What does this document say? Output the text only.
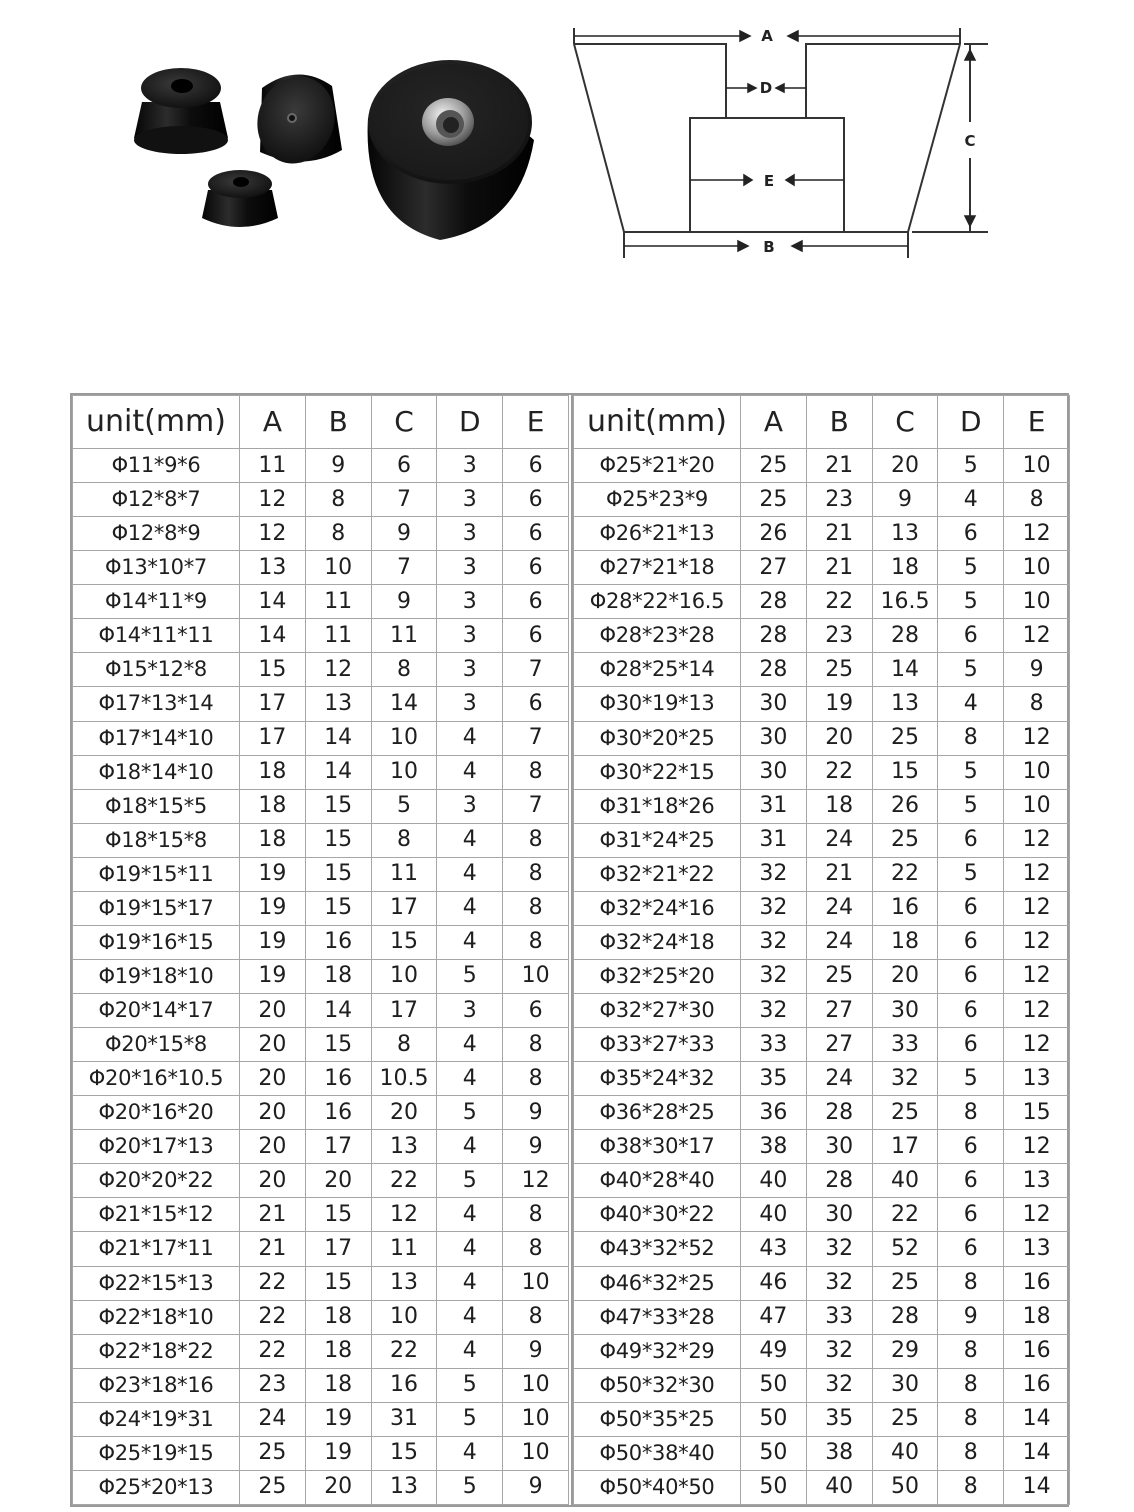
A
D
E
B
C
unit(mm)	A	B	C	D	E
Φ11*9*6	11	9	6	3	6
Φ12*8*7	12	8	7	3	6
Φ12*8*9	12	8	9	3	6
Φ13*10*7	13	10	7	3	6
Φ14*11*9	14	11	9	3	6
Φ14*11*11	14	11	11	3	6
Φ15*12*8	15	12	8	3	7
Φ17*13*14	17	13	14	3	6
Φ17*14*10	17	14	10	4	7
Φ18*14*10	18	14	10	4	8
Φ18*15*5	18	15	5	3	7
Φ18*15*8	18	15	8	4	8
Φ19*15*11	19	15	11	4	8
Φ19*15*17	19	15	17	4	8
Φ19*16*15	19	16	15	4	8
Φ19*18*10	19	18	10	5	10
Φ20*14*17	20	14	17	3	6
Φ20*15*8	20	15	8	4	8
Φ20*16*10.5	20	16	10.5	4	8
Φ20*16*20	20	16	20	5	9
Φ20*17*13	20	17	13	4	9
Φ20*20*22	20	20	22	5	12
Φ21*15*12	21	15	12	4	8
Φ21*17*11	21	17	11	4	8
Φ22*15*13	22	15	13	4	10
Φ22*18*10	22	18	10	4	8
Φ22*18*22	22	18	22	4	9
Φ23*18*16	23	18	16	5	10
Φ24*19*31	24	19	31	5	10
Φ25*19*15	25	19	15	4	10
Φ25*20*13	25	20	13	5	9
unit(mm)	A	B	C	D	E
Φ25*21*20	25	21	20	5	10
Φ25*23*9	25	23	9	4	8
Φ26*21*13	26	21	13	6	12
Φ27*21*18	27	21	18	5	10
Φ28*22*16.5	28	22	16.5	5	10
Φ28*23*28	28	23	28	6	12
Φ28*25*14	28	25	14	5	9
Φ30*19*13	30	19	13	4	8
Φ30*20*25	30	20	25	8	12
Φ30*22*15	30	22	15	5	10
Φ31*18*26	31	18	26	5	10
Φ31*24*25	31	24	25	6	12
Φ32*21*22	32	21	22	5	12
Φ32*24*16	32	24	16	6	12
Φ32*24*18	32	24	18	6	12
Φ32*25*20	32	25	20	6	12
Φ32*27*30	32	27	30	6	12
Φ33*27*33	33	27	33	6	12
Φ35*24*32	35	24	32	5	13
Φ36*28*25	36	28	25	8	15
Φ38*30*17	38	30	17	6	12
Φ40*28*40	40	28	40	6	13
Φ40*30*22	40	30	22	6	12
Φ43*32*52	43	32	52	6	13
Φ46*32*25	46	32	25	8	16
Φ47*33*28	47	33	28	9	18
Φ49*32*29	49	32	29	8	16
Φ50*32*30	50	32	30	8	16
Φ50*35*25	50	35	25	8	14
Φ50*38*40	50	38	40	8	14
Φ50*40*50	50	40	50	8	14
